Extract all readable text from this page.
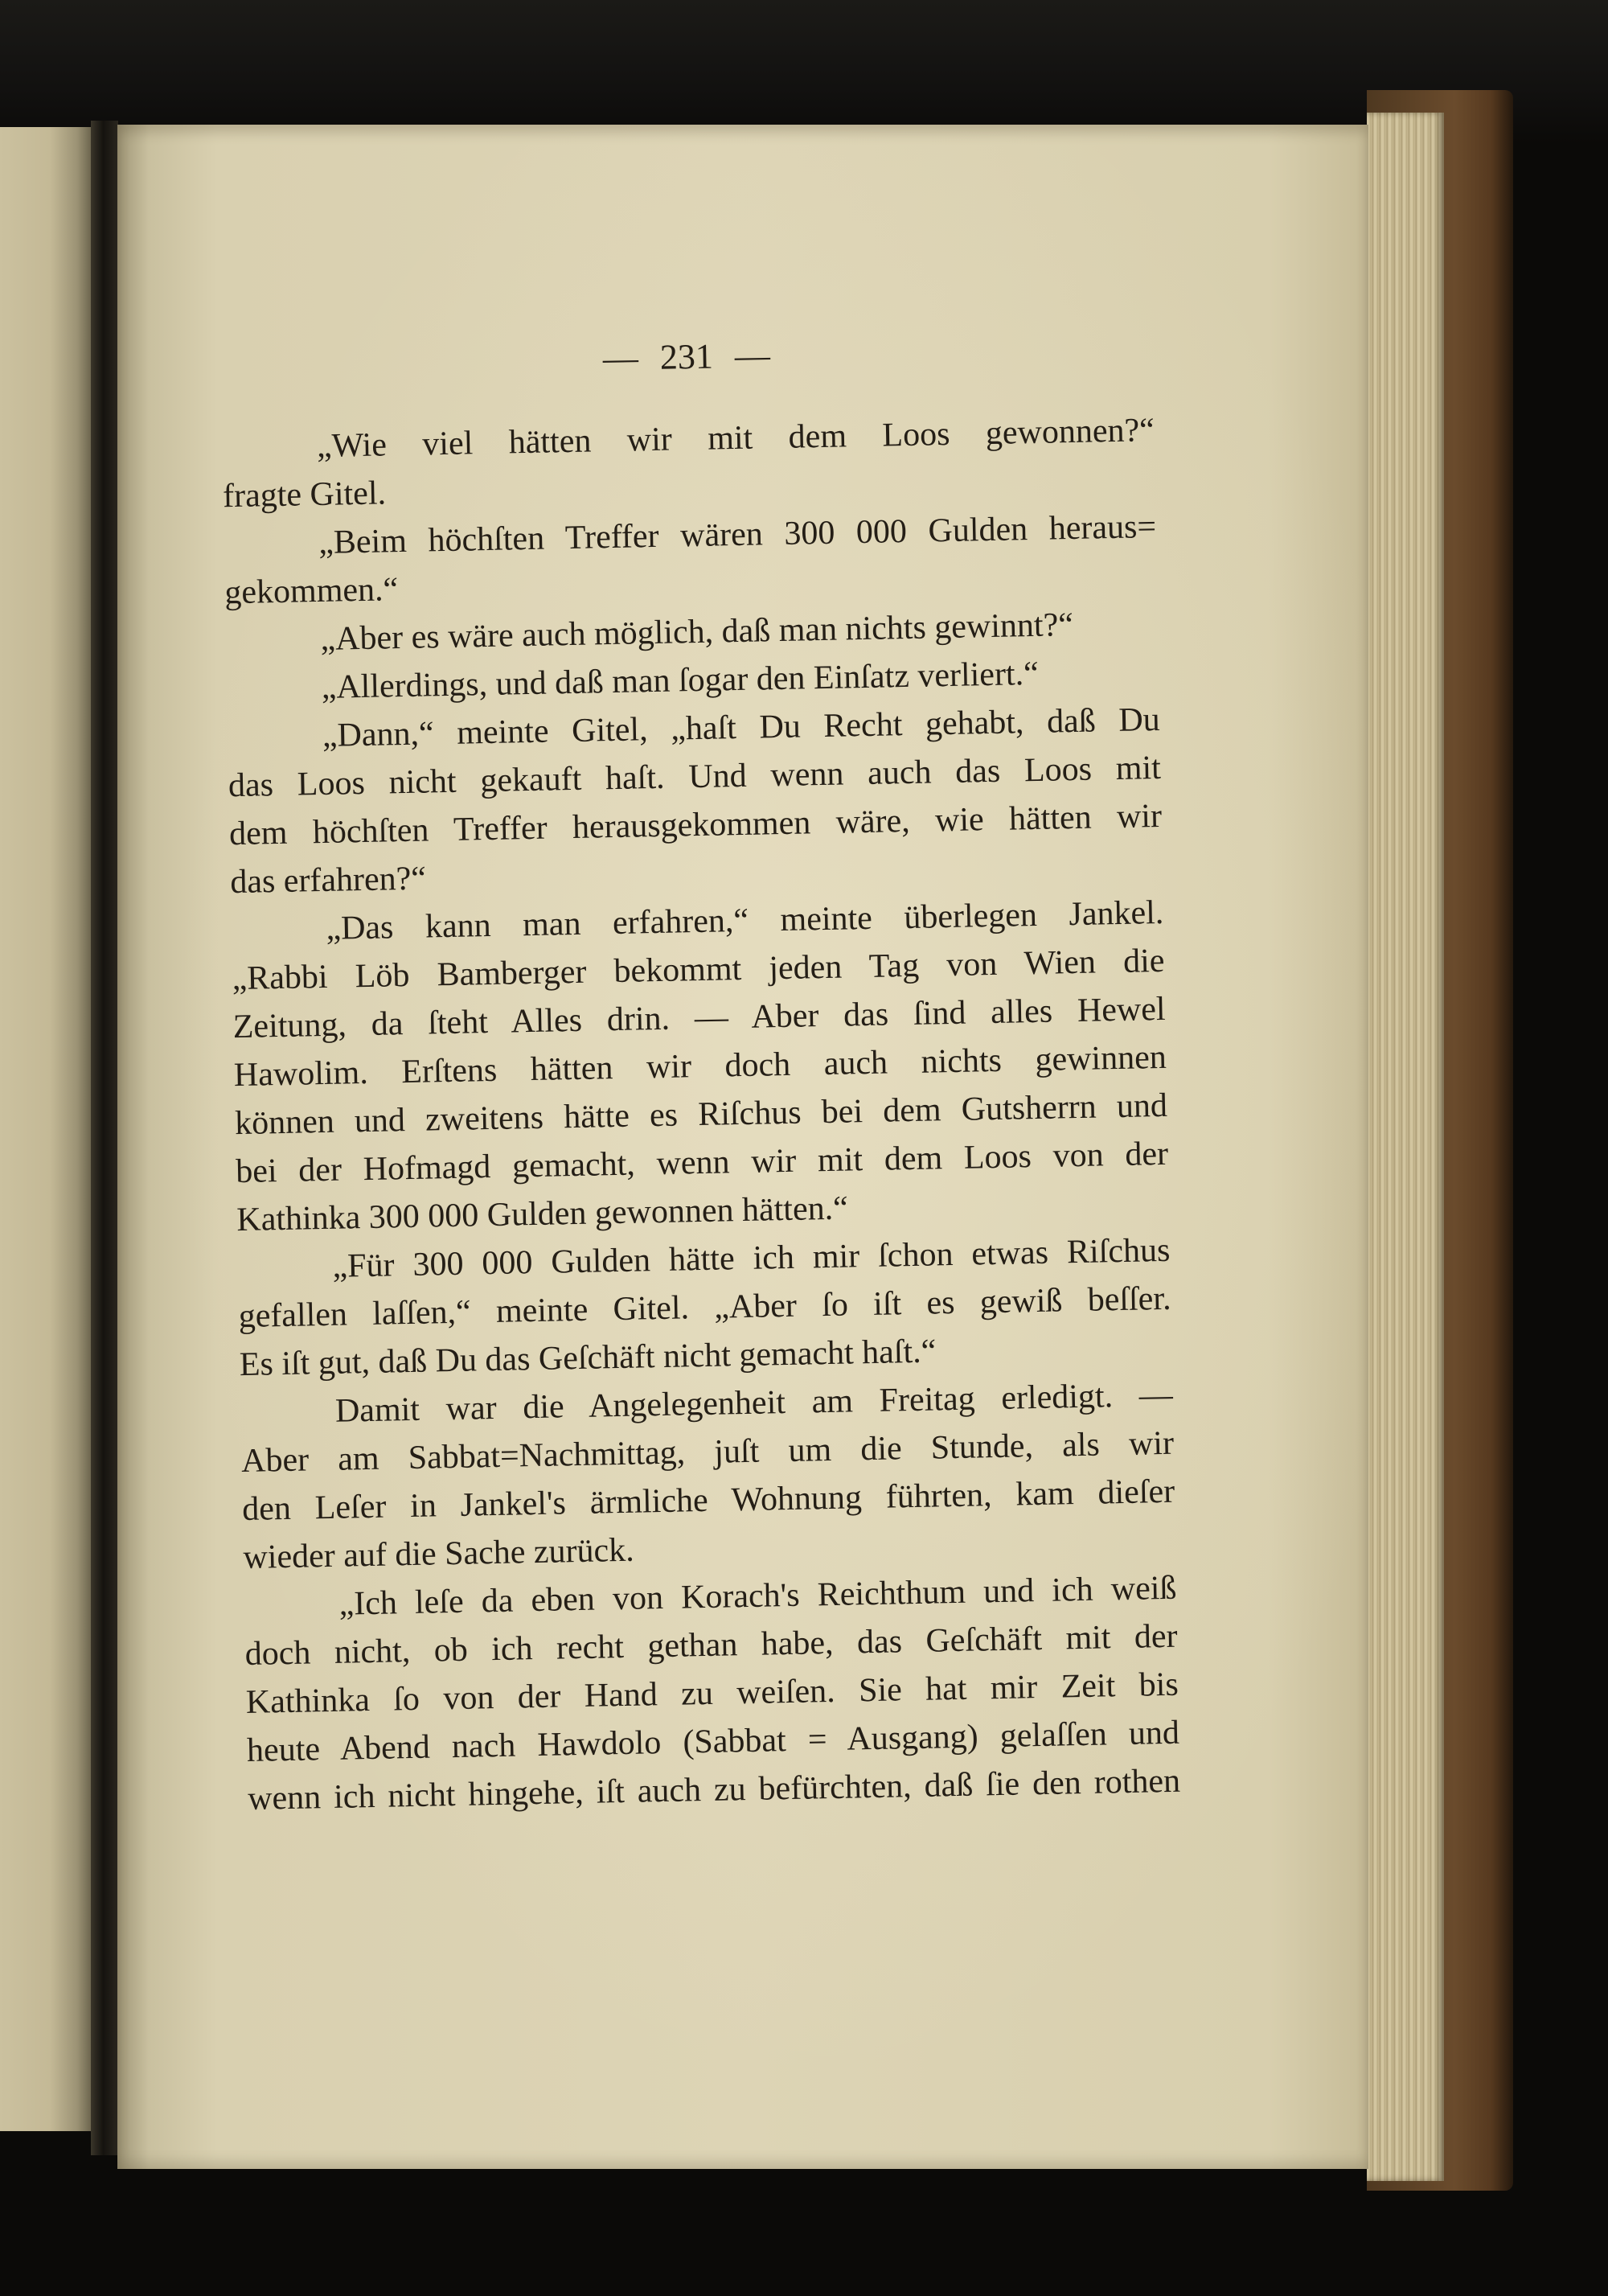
— 231 —
„Wie viel hätten wir mit dem Loos gewonnen?“
fragte Gitel.
„Beim höchſten Treffer wären 300 000 Gulden heraus=
gekommen.“
„Aber es wäre auch möglich, daß man nichts gewinnt?“
„Allerdings, und daß man ſogar den Einſatz verliert.“
„Dann,“ meinte Gitel, „haſt Du Recht gehabt, daß Du
das Loos nicht gekauft haſt. Und wenn auch das Loos mit
dem höchſten Treffer herausgekommen wäre, wie hätten wir
das erfahren?“
„Das kann man erfahren,“ meinte überlegen Jankel.
„Rabbi Löb Bamberger bekommt jeden Tag von Wien die
Zeitung, da ſteht Alles drin. — Aber das ſind alles Hewel
Hawolim. Erſtens hätten wir doch auch nichts gewinnen
können und zweitens hätte es Riſchus bei dem Gutsherrn und
bei der Hofmagd gemacht, wenn wir mit dem Loos von der
Kathinka 300 000 Gulden gewonnen hätten.“
„Für 300 000 Gulden hätte ich mir ſchon etwas Riſchus
gefallen laſſen,“ meinte Gitel. „Aber ſo iſt es gewiß beſſer.
Es iſt gut, daß Du das Geſchäft nicht gemacht haſt.“
Damit war die Angelegenheit am Freitag erledigt. —
Aber am Sabbat=Nachmittag, juſt um die Stunde, als wir
den Leſer in Jankel's ärmliche Wohnung führten, kam dieſer
wieder auf die Sache zurück.
„Ich leſe da eben von Korach's Reichthum und ich weiß
doch nicht, ob ich recht gethan habe, das Geſchäft mit der
Kathinka ſo von der Hand zu weiſen. Sie hat mir Zeit bis
heute Abend nach Hawdolo (Sabbat = Ausgang) gelaſſen und
wenn ich nicht hingehe, iſt auch zu befürchten, daß ſie den rothen
